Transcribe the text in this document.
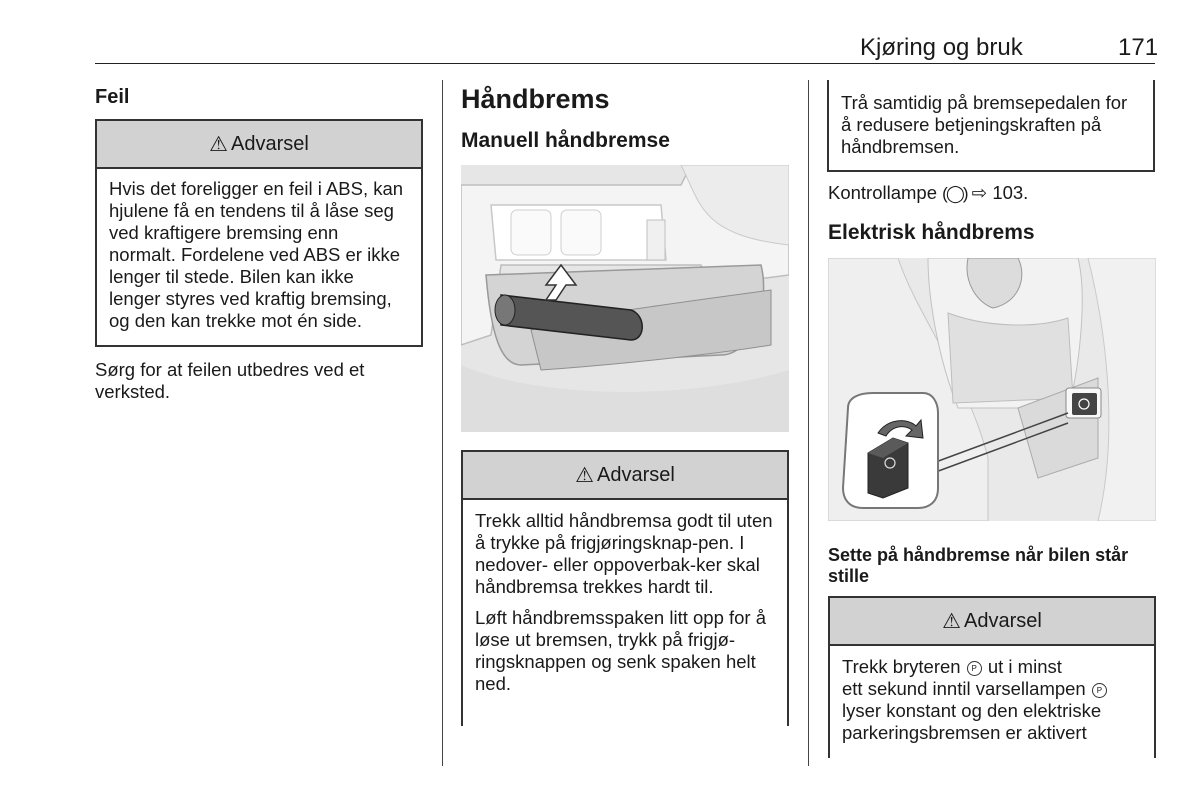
Kjøring og bruk	171
Feil
⚠ Advarsel
Hvis det foreligger en feil i ABS, kan hjulene få en tendens til å låse seg ved kraftigere bremsing enn normalt. Fordelene ved ABS er ikke lenger til stede. Bilen kan ikke lenger styres ved kraftig bremsing, og den kan trekke mot én side.
Sørg for at feilen utbedres ved et verksted.
Håndbrems
Manuell håndbremse
⚠ Advarsel
Trekk alltid håndbremsa godt til uten å trykke på frigjøringsknap-pen. I nedover- eller oppoverbak-ker skal håndbremsa trekkes hardt til.
Løft håndbremsspaken litt opp for å løse ut bremsen, trykk på frigjø-ringsknappen og senk spaken helt ned.
Trå samtidig på bremsepedalen for å redusere betjeningskraften på håndbremsen.
Kontrollampe (◯) ⇨ 103.
Elektrisk håndbrems
Sette på håndbremse når bilen står stille
⚠ Advarsel
Trekk bryteren P ut i minst
ett sekund inntil varsellampen P
lyser konstant og den elektriske
parkeringsbremsen er aktivert
